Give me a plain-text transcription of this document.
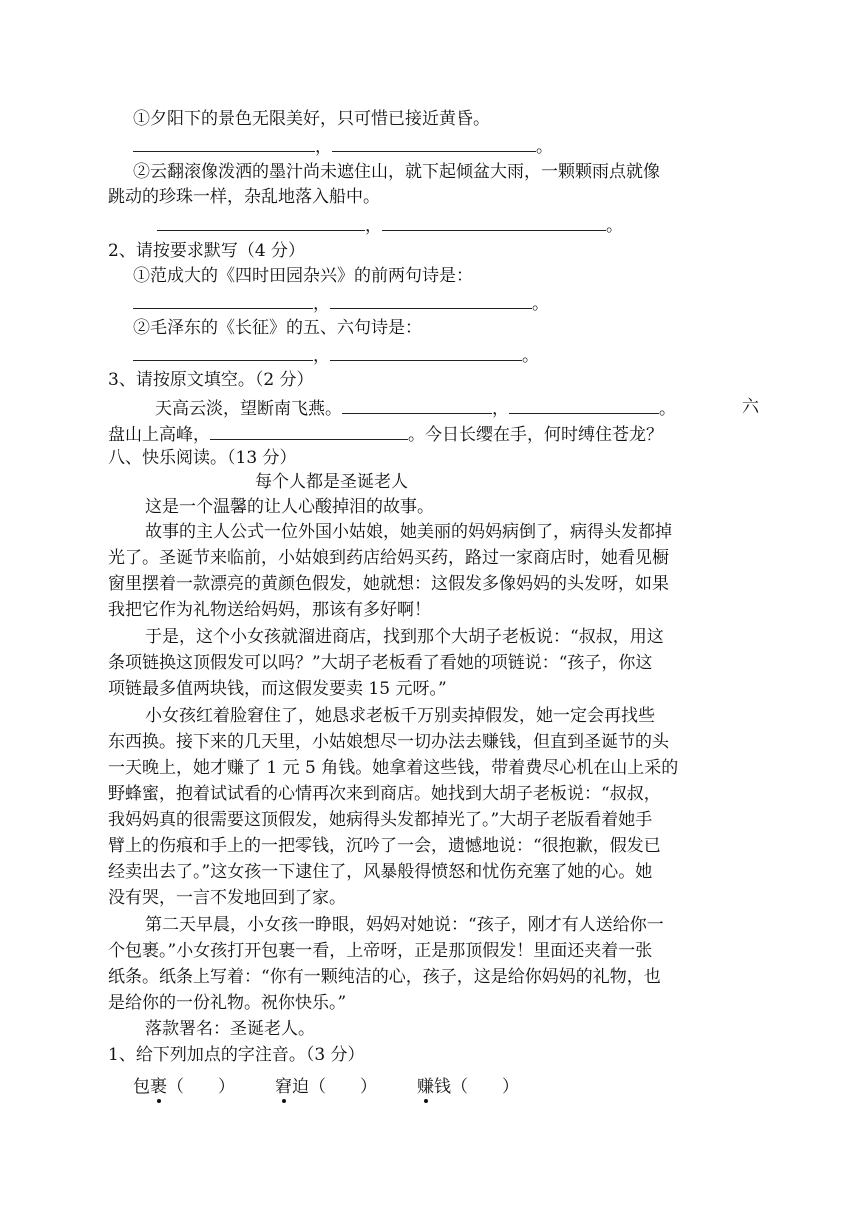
①夕阳下的景色无限美好，只可惜已接近黄昏。
，	。
②云翻滚像泼洒的墨汁尚未遮住山，就下起倾盆大雨，一颗颗雨点就像
跳动的珍珠一样，杂乱地落入船中。
，	。
2、请按要求默写（4 分）
①范成大的《四时田园杂兴》的前两句诗是：
，	。
②毛泽东的《长征》的五、六句诗是：
，	。
3、请按原文填空。（2 分）
天高云淡，望断南飞燕。	，	。	六
盘山上高峰，	。今日长缨在手，何时缚住苍龙？
八、快乐阅读。（13 分）
每个人都是圣诞老人
这是一个温馨的让人心酸掉泪的故事。
故事的主人公式一位外国小姑娘，她美丽的妈妈病倒了，病得头发都掉
光了。圣诞节来临前，小姑娘到药店给妈买药，路过一家商店时，她看见橱
窗里摆着一款漂亮的黄颜色假发，她就想：这假发多像妈妈的头发呀，如果
我把它作为礼物送给妈妈，那该有多好啊！
于是，这个小女孩就溜进商店，找到那个大胡子老板说：“叔叔，用这
条项链换这顶假发可以吗？”大胡子老板看了看她的项链说：“孩子，你这
项链最多值两块钱，而这假发要卖 15 元呀。”
小女孩红着脸窘住了，她恳求老板千万别卖掉假发，她一定会再找些
东西换。接下来的几天里，小姑娘想尽一切办法去赚钱，但直到圣诞节的头
一天晚上，她才赚了 1 元 5 角钱。她拿着这些钱，带着费尽心机在山上采的
野蜂蜜，抱着试试看的心情再次来到商店。她找到大胡子老板说：“叔叔，
我妈妈真的很需要这顶假发，她病得头发都掉光了。”大胡子老版看着她手
臂上的伤痕和手上的一把零钱，沉吟了一会，遗憾地说：“很抱歉，假发已
经卖出去了。”这女孩一下逮住了，风暴般得愤怒和忧伤充塞了她的心。她
没有哭，一言不发地回到了家。
第二天早晨，小女孩一睁眼，妈妈对她说：“孩子，刚才有人送给你一
个包裹。”小女孩打开包裹一看，上帝呀，正是那顶假发！里面还夹着一张
纸条。纸条上写着：“你有一颗纯洁的心，孩子，这是给你妈妈的礼物，也
是给你的一份礼物。祝你快乐。”
落款署名：圣诞老人。
1、给下列加点的字注音。（3 分）
包裹
（　　） 窘
迫（　　） 赚
钱（　　）
